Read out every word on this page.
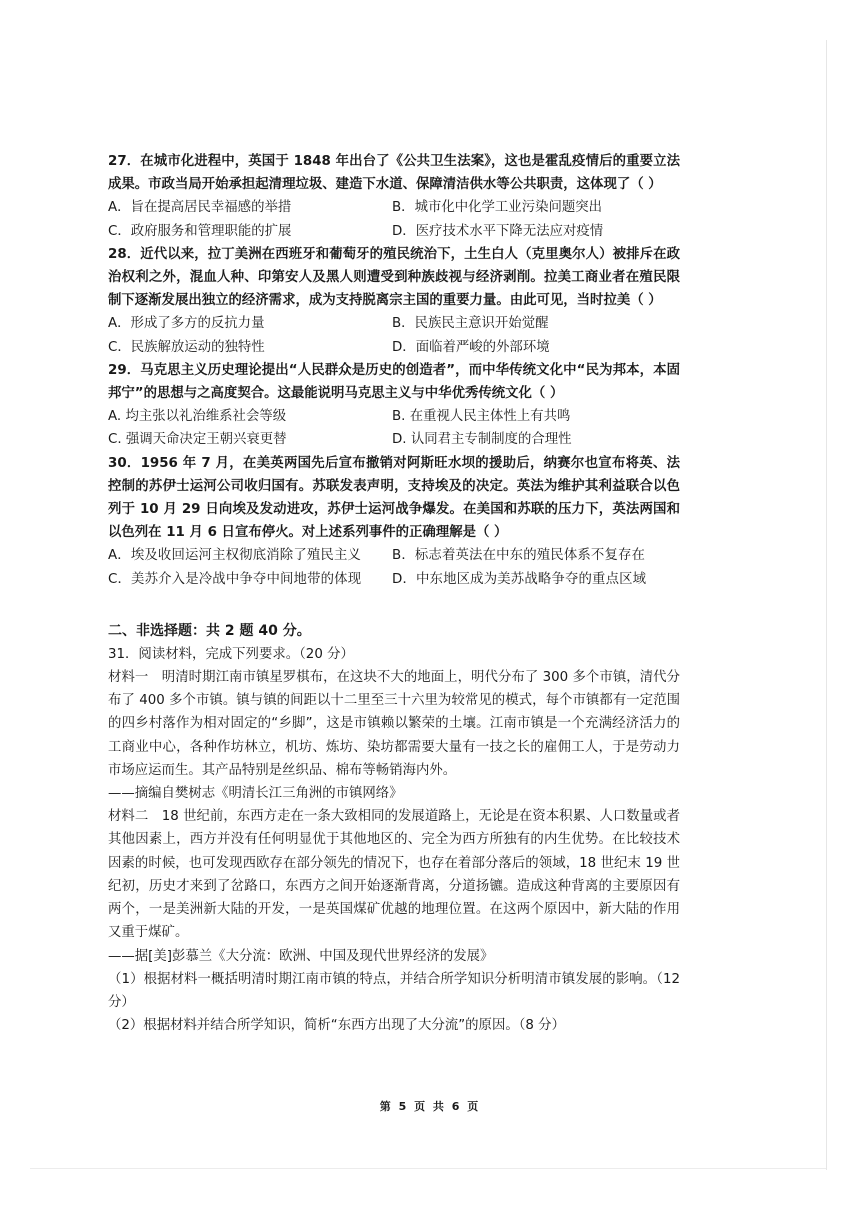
27．在城市化进程中，英国于 1848 年出台了《公共卫生法案》，这也是霍乱疫情后的重要立法成果。市政当局开始承担起清理垃圾、建造下水道、保障清洁供水等公共职责，这体现了（ ）

A．旨在提高居民幸福感的举措	B．城市化中化学工业污染问题突出
C．政府服务和管理职能的扩展	D．医疗技术水平下降无法应对疫情

28．近代以来，拉丁美洲在西班牙和葡萄牙的殖民统治下，土生白人（克里奥尔人）被排斥在政治权利之外，混血人种、印第安人及黑人则遭受到种族歧视与经济剥削。拉美工商业者在殖民限制下逐渐发展出独立的经济需求，成为支持脱离宗主国的重要力量。由此可见，当时拉美（ ）

A．形成了多方的反抗力量	B．民族民主意识开始觉醒
C．民族解放运动的独特性	D．面临着严峻的外部环境

29．马克思主义历史理论提出“人民群众是历史的创造者”，而中华传统文化中“民为邦本，本固邦宁”的思想与之高度契合。这最能说明马克思主义与中华优秀传统文化（ ）

A. 均主张以礼治维系社会等级	B. 在重视人民主体性上有共鸣
C. 强调天命决定王朝兴衰更替	D. 认同君主专制制度的合理性

30．1956 年 7 月，在美英两国先后宣布撤销对阿斯旺水坝的援助后，纳赛尔也宣布将英、法控制的苏伊士运河公司收归国有。苏联发表声明，支持埃及的决定。英法为维护其利益联合以色列于 10 月 29 日向埃及发动进攻，苏伊士运河战争爆发。在美国和苏联的压力下，英法两国和以色列在 11 月 6 日宣布停火。对上述系列事件的正确理解是（ ）

A．埃及收回运河主权彻底消除了殖民主义	B．标志着英法在中东的殖民体系不复存在
C．美苏介入是冷战中争夺中间地带的体现	D．中东地区成为美苏战略争夺的重点区域
二、非选择题：共 2 题 40 分。

31．阅读材料，完成下列要求。（20 分）

材料一　明清时期江南市镇星罗棋布，在这块不大的地面上，明代分布了 300 多个市镇，清代分布了 400 多个市镇。镇与镇的间距以十二里至三十六里为较常见的模式，每个市镇都有一定范围的四乡村落作为相对固定的“乡脚”，这是市镇赖以繁荣的土壤。江南市镇是一个充满经济活力的工商业中心，各种作坊林立，机坊、炼坊、染坊都需要大量有一技之长的雇佣工人，于是劳动力市场应运而生。其产品特别是丝织品、棉布等畅销海内外。

——摘编自樊树志《明清长江三角洲的市镇网络》

材料二　18 世纪前，东西方走在一条大致相同的发展道路上，无论是在资本积累、人口数量或者其他因素上，西方并没有任何明显优于其他地区的、完全为西方所独有的内生优势。在比较技术因素的时候，也可发现西欧存在部分领先的情况下，也存在着部分落后的领域，18 世纪末 19 世纪初，历史才来到了岔路口，东西方之间开始逐渐背离，分道扬镳。造成这种背离的主要原因有两个，一是美洲新大陆的开发，一是英国煤矿优越的地理位置。在这两个原因中，新大陆的作用又重于煤矿。

——据[美]彭慕兰《大分流：欧洲、中国及现代世界经济的发展》

（1）根据材料一概括明清时期江南市镇的特点，并结合所学知识分析明清市镇发展的影响。（12 分）

（2）根据材料并结合所学知识，简析“东西方出现了大分流”的原因。（8 分）

第 5 页 共 6 页
